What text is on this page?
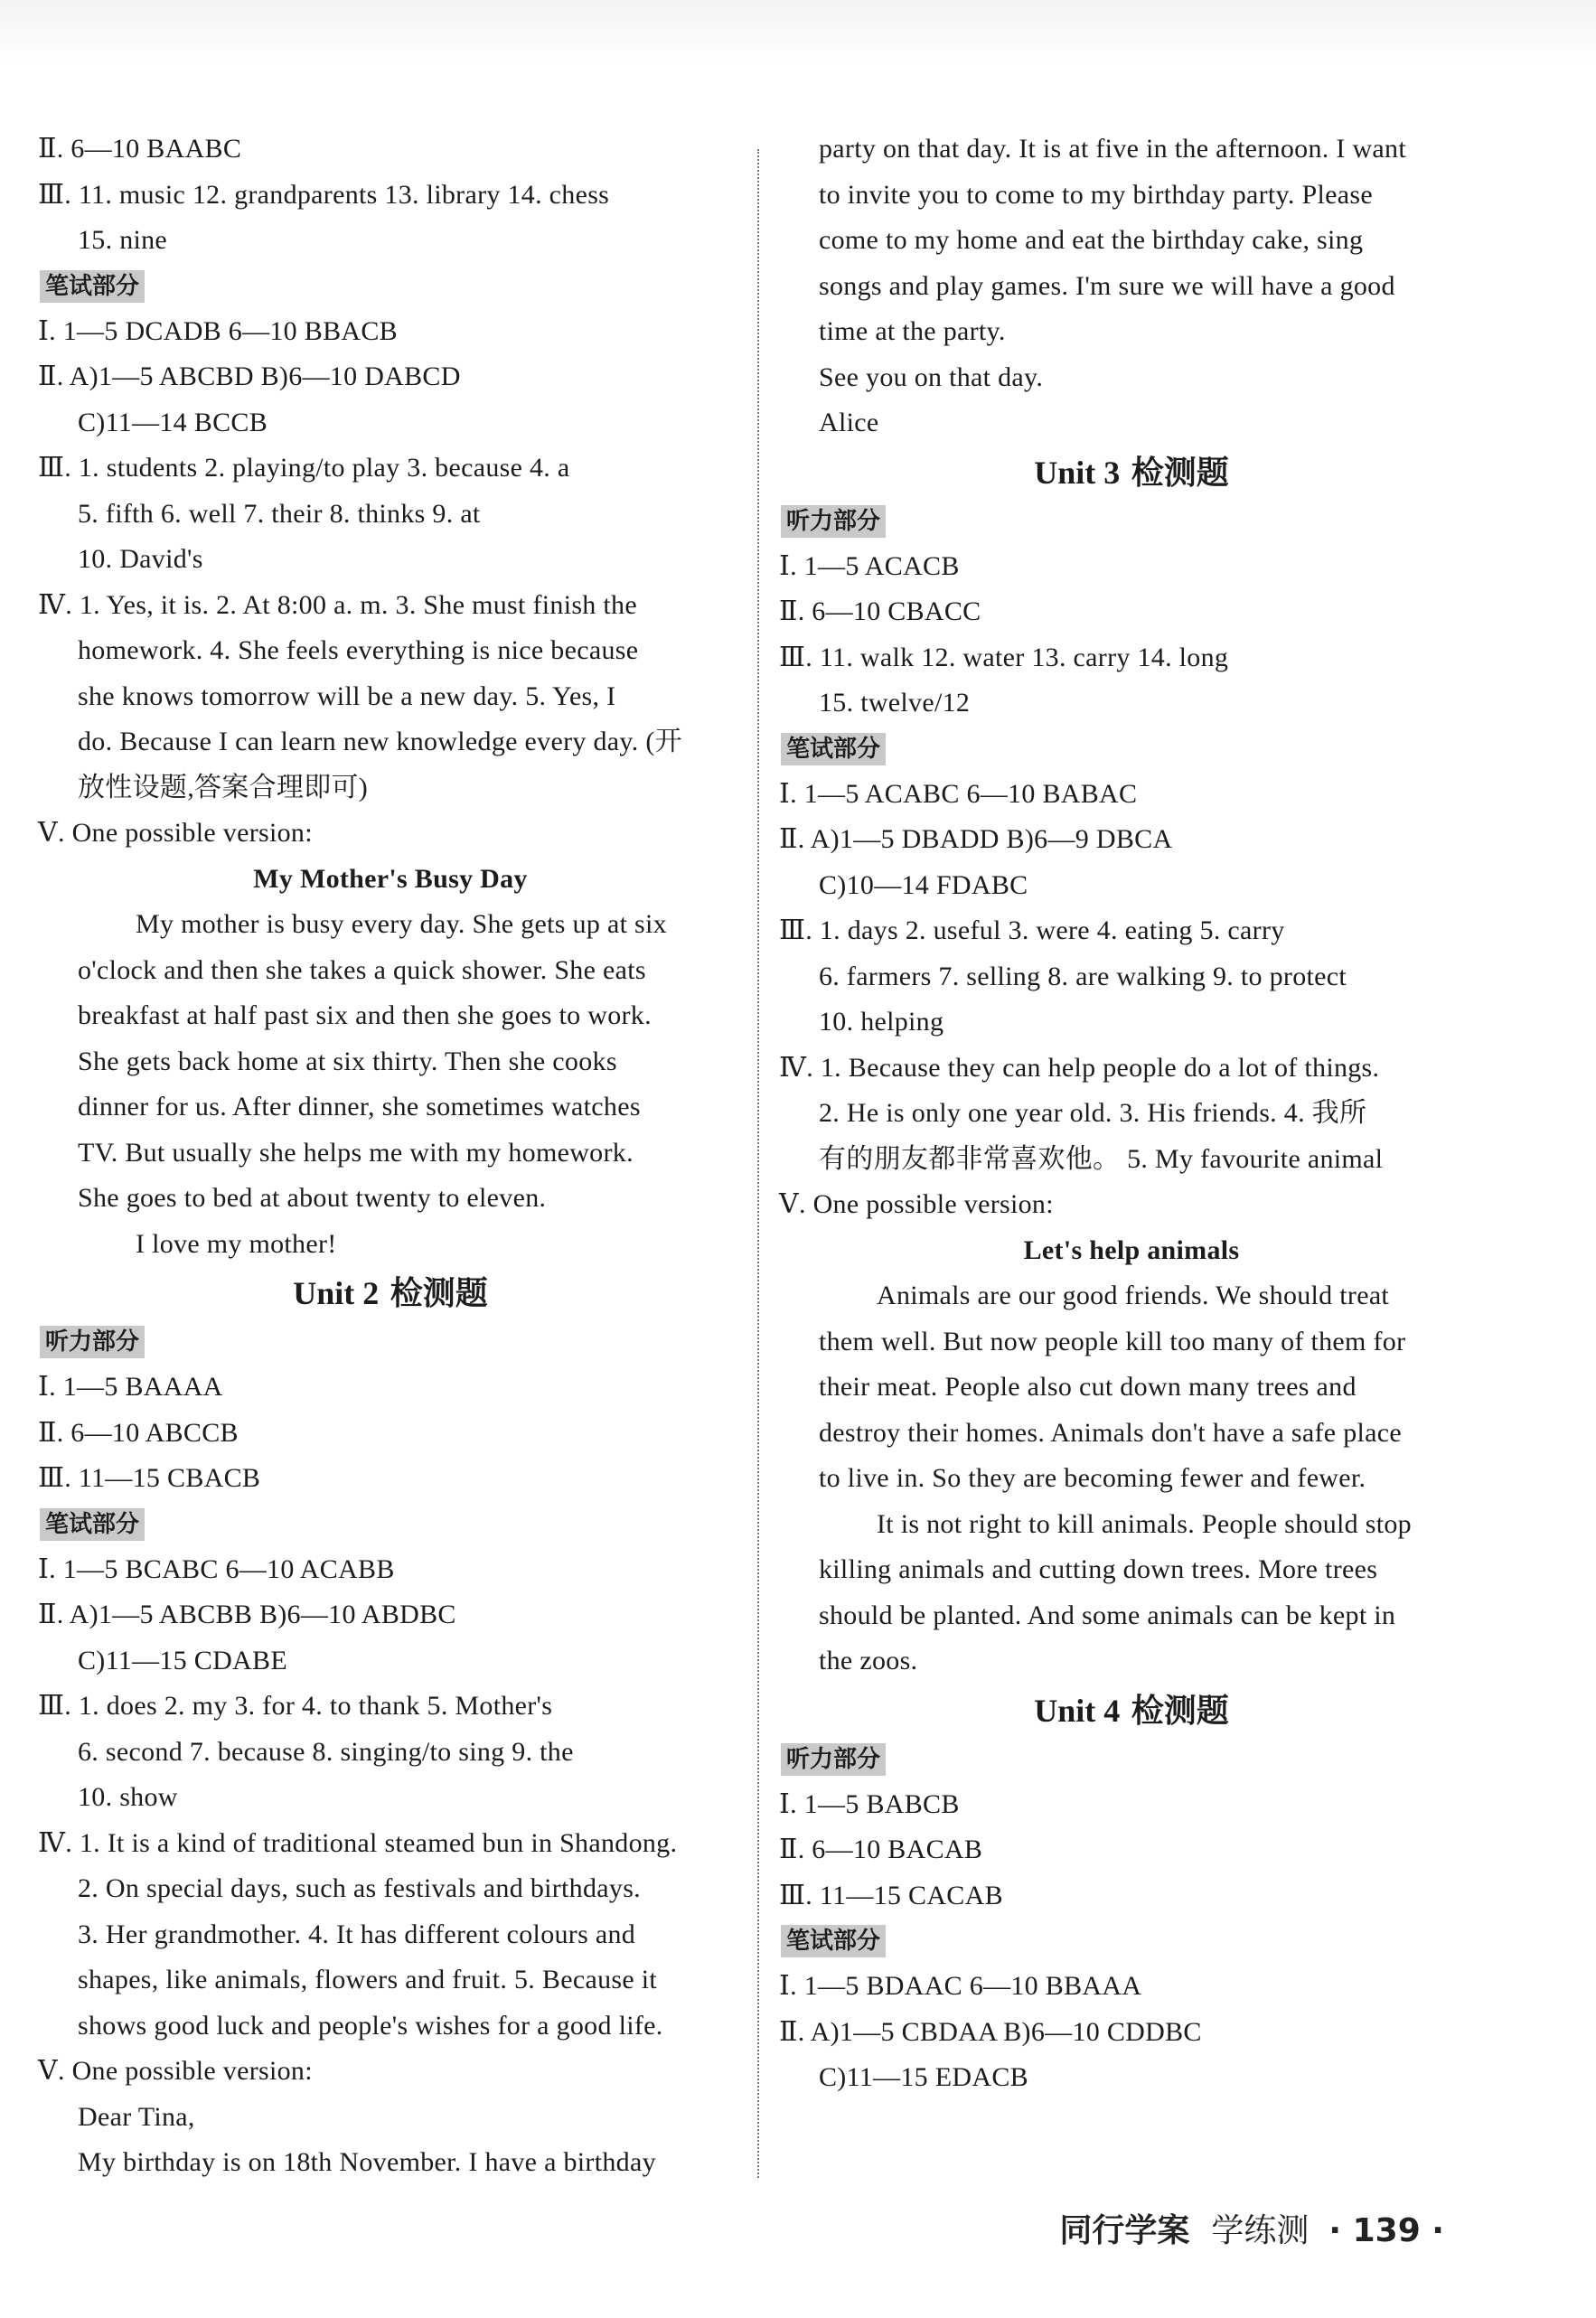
Ⅱ. 6—10 BAABC
Ⅲ. 11. music 12. grandparents 13. library 14. chess
15. nine
笔试部分
Ⅰ. 1—5 DCADB 6—10 BBACB
Ⅱ. A)1—5 ABCBD B)6—10 DABCD
C)11—14 BCCB
Ⅲ. 1. students 2. playing/to play 3. because 4. a
5. fifth 6. well 7. their 8. thinks 9. at
10. David's
Ⅳ. 1. Yes, it is. 2. At 8:00 a. m. 3. She must finish the
homework. 4. She feels everything is nice because
she knows tomorrow will be a new day. 5. Yes, I
do. Because I can learn new knowledge every day. (开
放性设题,答案合理即可)
Ⅴ. One possible version:
My Mother's Busy Day
My mother is busy every day. She gets up at six
o'clock and then she takes a quick shower. She eats
breakfast at half past six and then she goes to work.
She gets back home at six thirty. Then she cooks
dinner for us. After dinner, she sometimes watches
TV. But usually she helps me with my homework.
She goes to bed at about twenty to eleven.
I love my mother!
Unit 2 检测题
听力部分
Ⅰ. 1—5 BAAAA
Ⅱ. 6—10 ABCCB
Ⅲ. 11—15 CBACB
笔试部分
Ⅰ. 1—5 BCABC 6—10 ACABB
Ⅱ. A)1—5 ABCBB B)6—10 ABDBC
C)11—15 CDABE
Ⅲ. 1. does 2. my 3. for 4. to thank 5. Mother's
6. second 7. because 8. singing/to sing 9. the
10. show
Ⅳ. 1. It is a kind of traditional steamed bun in Shandong.
2. On special days, such as festivals and birthdays.
3. Her grandmother. 4. It has different colours and
shapes, like animals, flowers and fruit. 5. Because it
shows good luck and people's wishes for a good life.
Ⅴ. One possible version:
Dear Tina,
My birthday is on 18th November. I have a birthday
party on that day. It is at five in the afternoon. I want
to invite you to come to my birthday party. Please
come to my home and eat the birthday cake, sing
songs and play games. I'm sure we will have a good
time at the party.
See you on that day.
Alice
Unit 3 检测题
听力部分
Ⅰ. 1—5 ACACB
Ⅱ. 6—10 CBACC
Ⅲ. 11. walk 12. water 13. carry 14. long
15. twelve/12
笔试部分
Ⅰ. 1—5 ACABC 6—10 BABAC
Ⅱ. A)1—5 DBADD B)6—9 DBCA
C)10—14 FDABC
Ⅲ. 1. days 2. useful 3. were 4. eating 5. carry
6. farmers 7. selling 8. are walking 9. to protect
10. helping
Ⅳ. 1. Because they can help people do a lot of things.
2. He is only one year old. 3. His friends. 4. 我所
有的朋友都非常喜欢他。 5. My favourite animal
Ⅴ. One possible version:
Let's help animals
Animals are our good friends. We should treat
them well. But now people kill too many of them for
their meat. People also cut down many trees and
destroy their homes. Animals don't have a safe place
to live in. So they are becoming fewer and fewer.
It is not right to kill animals. People should stop
killing animals and cutting down trees. More trees
should be planted. And some animals can be kept in
the zoos.
Unit 4 检测题
听力部分
Ⅰ. 1—5 BABCB
Ⅱ. 6—10 BACAB
Ⅲ. 11—15 CACAB
笔试部分
Ⅰ. 1—5 BDAAC 6—10 BBAAA
Ⅱ. A)1—5 CBDAA B)6—10 CDDBC
C)11—15 EDACB
同行学案 学练测 · 139 ·
